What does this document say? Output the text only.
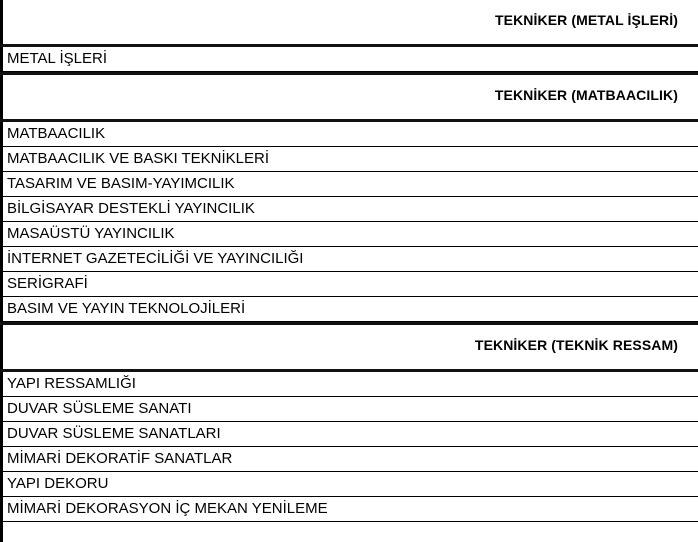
TEKNİKER (METAL İŞLERİ)
METAL İŞLERİ
TEKNİKER (MATBAACILIK)
MATBAACILIK
MATBAACILIK VE BASKI TEKNİKLERİ
TASARIM VE BASIM-YAYIMCILIK
BİLGİSAYAR DESTEKLİ YAYINCILIK
MASAÜSTÜ YAYINCILIK
İNTERNET GAZETECİLİĞİ VE YAYINCILIĞI
SERİGRAFİ
BASIM VE YAYIN TEKNOLOJİLERİ
TEKNİKER (TEKNİK RESSAM)
YAPI RESSAMLIĞI
DUVAR SÜSLEME SANATI
DUVAR SÜSLEME SANATLARI
MİMARİ DEKORATİF SANATLAR
YAPI DEKORU
MİMARİ DEKORASYON İÇ MEKAN YENİLEME
